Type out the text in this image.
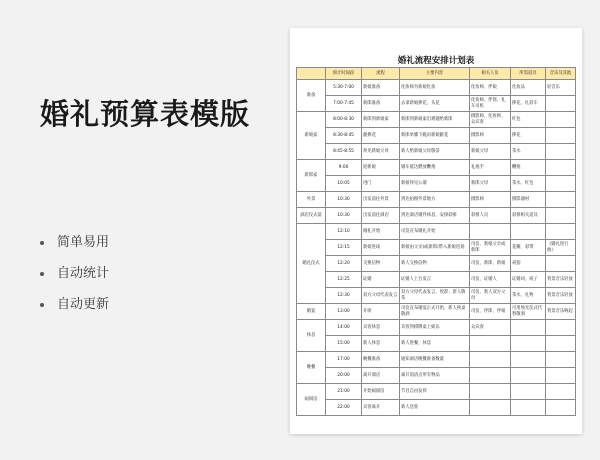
婚礼预算表模版
简单易用
自动统计
自动更新
婚礼流程安排计划表
	预计时间段	流程	主要内容	相关人员	所需道具	音乐及其他
准备	5:30-7:00	新娘准备	化妆师为新娘化妆	化妆师、伴娘	化妆品	轻音乐
	7:00-7:45	新郎准备	去拿新娘捧花、头花	化妆师、伴郎、礼车司机	捧花、扎彩车	
新娘家	8:00-8:30	新郎到新娘家	新郎到新娘家出难题给新郎	摄影师、化妆师、众宾客	红包	
	8:30-8:45	献捧花	新郎单膝下跪向新娘献花	摄影师	捧花	
	8:45-8:55	拜见新娘父母	新人给新娘父母敬茶	新娘父母	茶水	
新郎家	9:00	迎新娘	婚车抵达燃放鞭炮	礼炮手	鞭炮	
	10:05	进门	新娘拜见公婆	新郎父母	茶水、红包	
外景	10:30	出发前往外景	到达拍摄外景地方	摄影师	摄影器材	
酒店仪式前	10:30	出发前往酒店	到达酒店婚件休息，安排彩排	彩排人员	彩排相关道具	
婚礼仪式	12:10	婚礼开始	司仪宣布婚礼开始			
	12:15	新娘进场	新娘由父亲(或新郎)带入新娘进场	司仪、新娘父亲或新郎	花瓣、彩带	《婚礼进行曲》
	12:20	交换信物	新人交换信物	司仪、新郎、新娘	戒指	
	12:25	证婚	证婚人上台发言	司仪、证婚人	证婚词、戒子	背景音乐轻放
	12:30	双方父母代表发言	双方父母代表发言、致辞、新人敬茶	司仪、新人双方父母	茶水、礼物	背景音乐轻放
婚宴	13:00	开席	司仪宣布婚宴正式开始，新人挨桌敬酒	司仪、伴郎、伴娘	可用烛光仪式代替敬酒	背景音乐响起
休息	14:00	宾客休息	宾客到棋牌桌上娱乐	众宾客		
	15:00	新人休息	新人进餐、休息			
晚餐	17:00	晚餐准备	通知酒店晚餐准备数量			
	20:00	离开酒店	离开前清点所有物品			
闹洞房	21:00	开始闹洞房	节目自由发挥			
	22:00	宾客离开	新人送客			
